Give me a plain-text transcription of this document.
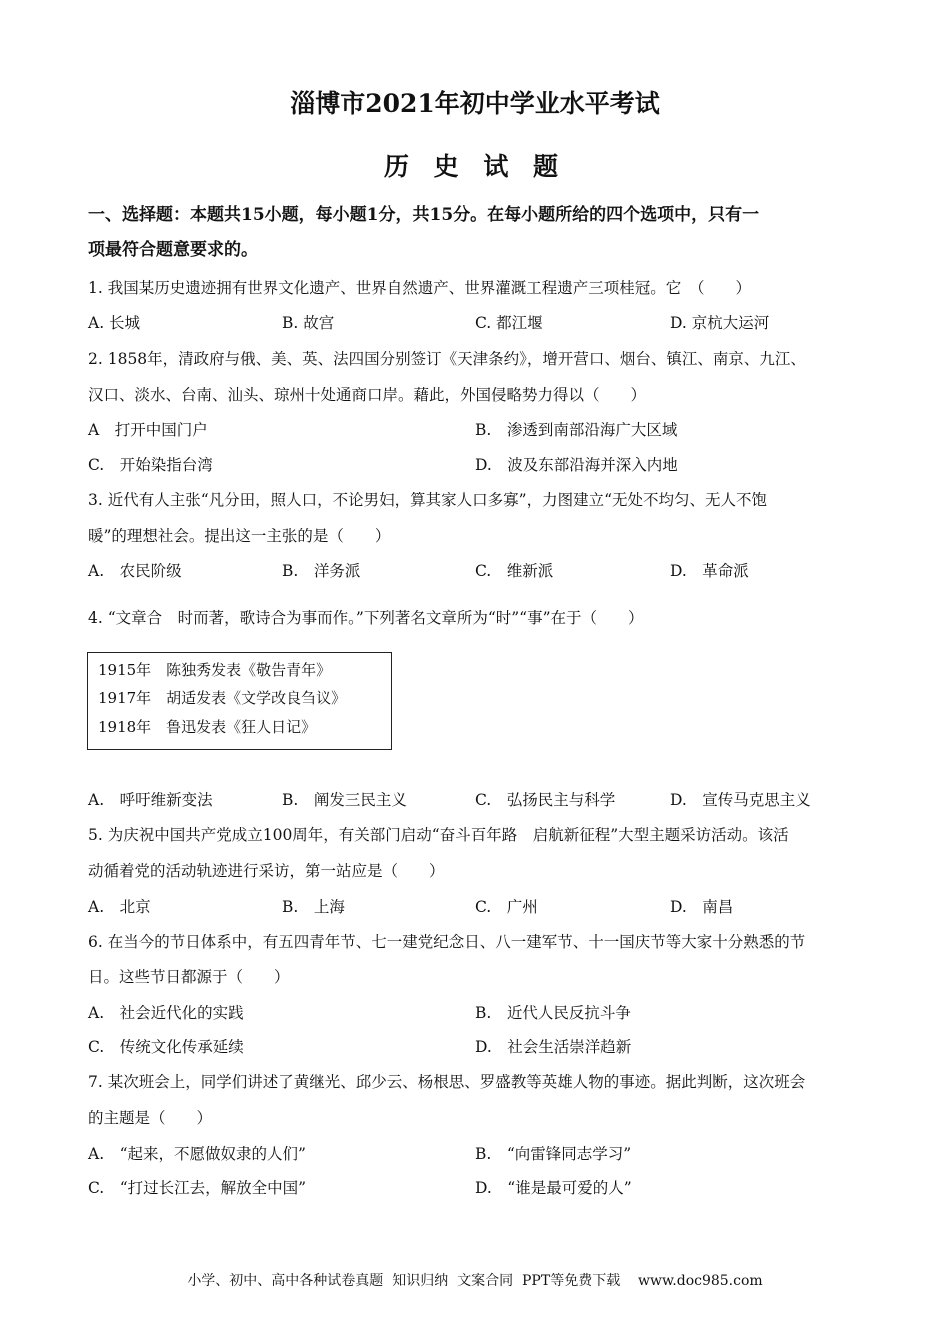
淄博市2021年初中学业水平考试
历 史 试 题
一、选择题：本题共15小题，每小题1分，共15分。在每小题所给的四个选项中，只有一
项最符合题意要求的。
1. 我国某历史遗迹拥有世界文化遗产、世界自然遗产、世界灌溉工程遗产三项桂冠。它　（　　）
A. 长城	B. 故宫	C. 都江堰	D. 京杭大运河
2. 1858年，清政府与俄、美、英、法四国分别签订《天津条约》，增开营口、烟台、镇江、南京、九江、
汉口、淡水、台南、汕头、琼州十处通商口岸。藉此，外国侵略势力得以（　　）
A　打开中国门户	B.　渗透到南部沿海广大区域
C.　开始染指台湾	D.　波及东部沿海并深入内地
3. 近代有人主张“凡分田，照人口，不论男妇，算其家人口多寡”，力图建立“无处不均匀、无人不饱
暖”的理想社会。提出这一主张的是（　　）
A.　农民阶级	B.　洋务派	C.　维新派	D.　革命派
4. “文章合　时而著，歌诗合为事而作。”下列著名文章所为“时”“事”在于（　　）
1915年　陈独秀发表《敬告青年》
1917年　胡适发表《文学改良刍议》
1918年　鲁迅发表《狂人日记》
A.　呼吁维新变法	B.　阐发三民主义	C.　弘扬民主与科学	D.　宣传马克思主义
5. 为庆祝中国共产党成立100周年，有关部门启动“奋斗百年路　启航新征程”大型主题采访活动。该活
动循着党的活动轨迹进行采访，第一站应是（　　）
A.　北京	B.　上海	C.　广州	D.　南昌
6. 在当今的节日体系中，有五四青年节、七一建党纪念日、八一建军节、十一国庆节等大家十分熟悉的节
日。这些节日都源于（　　）
A.　社会近代化的实践	B.　近代人民反抗斗争
C.　传统文化传承延续	D.　社会生活崇洋趋新
7. 某次班会上，同学们讲述了黄继光、邱少云、杨根思、罗盛教等英雄人物的事迹。据此判断，这次班会
的主题是（　　）
A.　“起来，不愿做奴隶的人们”	B.　“向雷锋同志学习”
C.　“打过长江去，解放全中国”	D.　“谁是最可爱的人”
小学、初中、高中各种试卷真题  知识归纳  文案合同  PPT等免费下载    www.doc985.com
